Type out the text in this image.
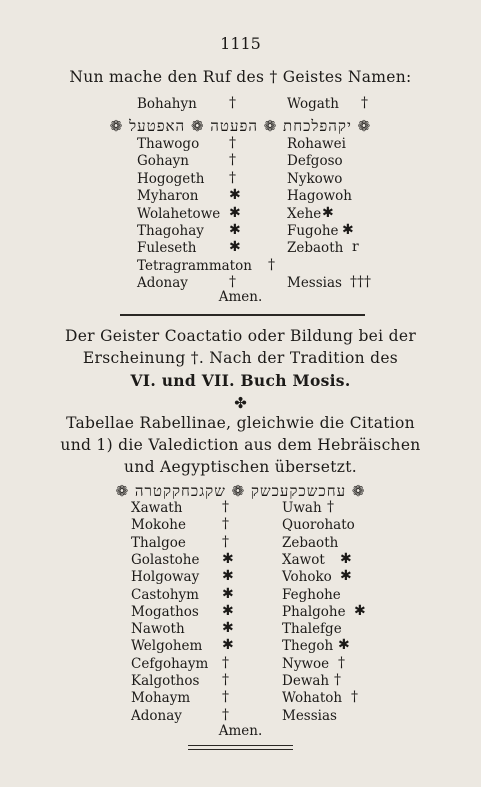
1115
Nun mache den Ruf des † Geistes Namen:
Bohahyn †	Wogath †
❁ יקהפלכחת ❁ הפעטה ❁ האפטעל ❁
Thawogo †	Rohawei
Gohayn	†	Defgoso
Hogogeth †	Nykowo
Myharon ✱	Hagowoh
Wolahetowe ✱	Xehe ✱
Thagohay ✱	Fugohe ✱
Fuleseth ✱	Zebaoth r
Tetragrammaton †
Adonay	†	Messias †††
Amen.
Der Geister Coactatio oder Bildung bei der
Erscheinung †. Nach der Tradition des
VI. und VII. Buch Mosis.
✤
Tabellae Rabellinae, gleichwie die Citation
und 1) die Valediction aus dem Hebräischen
und Aegyptischen übersetzt.
❁ עחכשכקעכשק ❁ שקגכחקקטרה ❁
Xawath	†	Uwah †
Mokohe	†	Quorohato
Thalgoe	†	Zebaoth
Golastohe ✱	Xawot ✱
Holgoway ✱	Vohoko ✱
Castohym ✱	Feghohe
Mogathos ✱	Phalgohe ✱
Nawoth	✱	Thalefge
Welgohem ✱	Thegoh ✱
Cefgohaym †	Nywoe †
Kalgothos †	Dewah †
Mohaym †	Wohatoh †
Adonay	†	Messias
Amen.
